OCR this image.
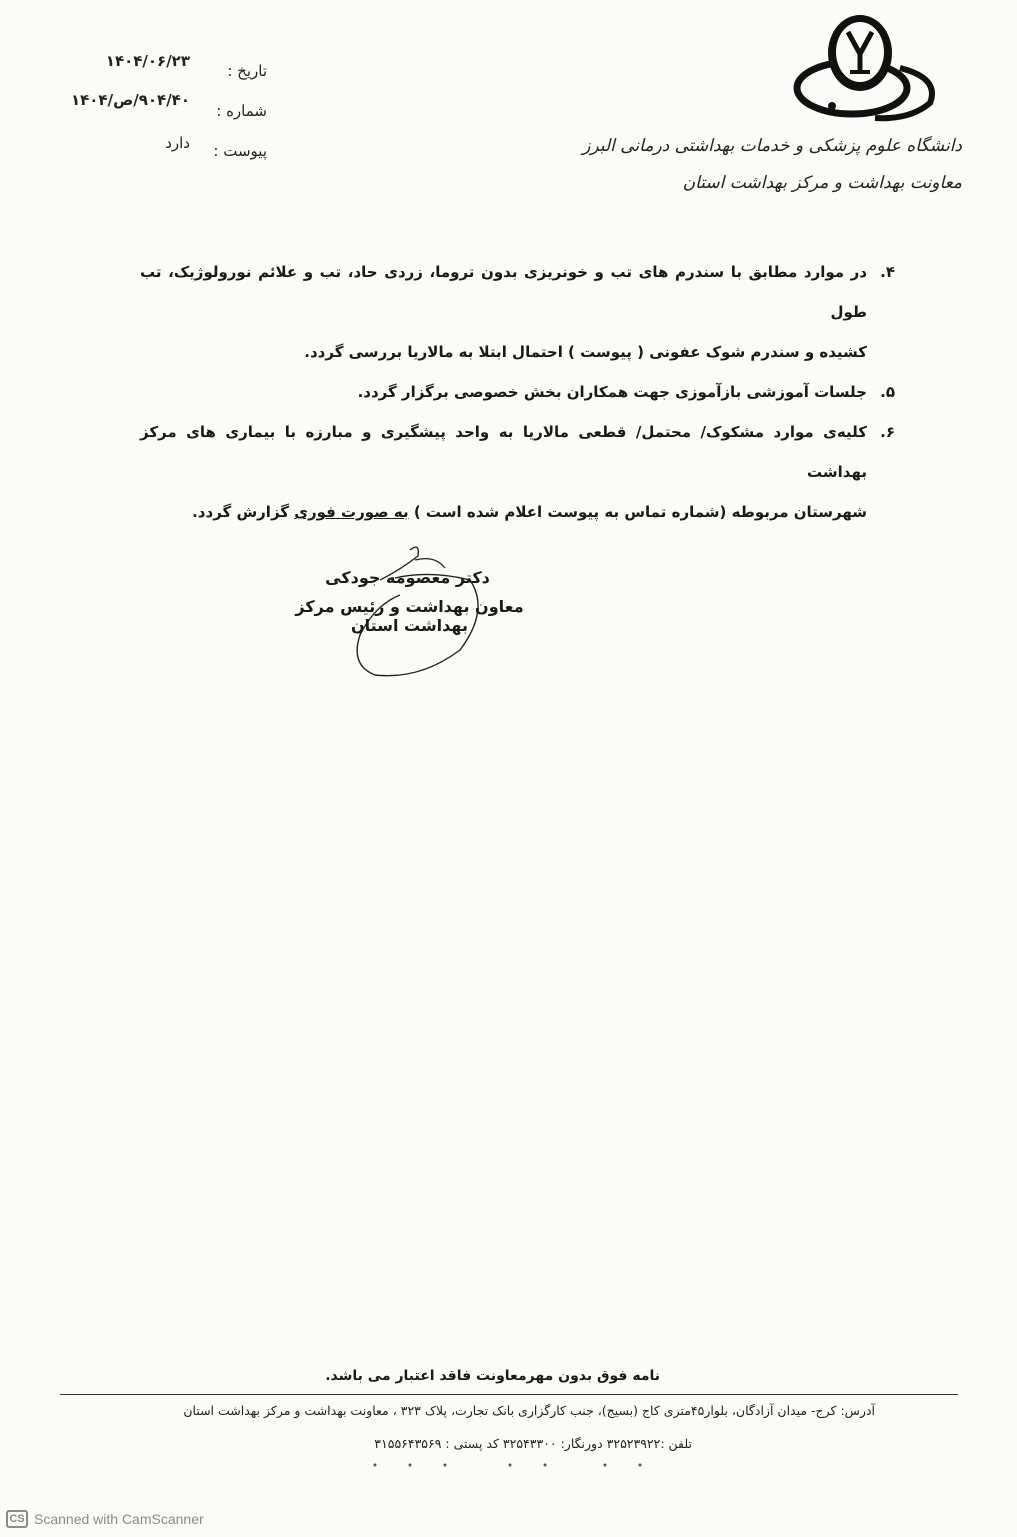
دانشگاه علوم پزشکی و خدمات بهداشتی درمانی البرز
معاونت بهداشت و مرکز بهداشت استان
تاریخ :
۱۴۰۴/۰۶/۲۳
شماره :
۹۰۴/۴۰/ص/۱۴۰۴
پیوست :
دارد
۴.
در موارد مطابق با سندرم های تب و خونریزی بدون تروما، زردی حاد، تب و علائم نورولوژیک، تب طول
کشیده و سندرم شوک عفونی ( پیوست ) احتمال ابتلا به مالاریا بررسی گردد.
۵.
جلسات آموزشی بازآموزی جهت همکاران بخش خصوصی برگزار گردد.
۶.
کلیه‌ی موارد مشکوک/ محتمل/ قطعی مالاریا به واحد پیشگیری و مبارزه با بیماری های مرکز بهداشت
شهرستان مربوطه (شماره تماس به پیوست اعلام شده است ) به صورت فوری گزارش گردد.
دکتر معصومه جودکی
معاون بهداشت و رئیس مرکز بهداشت استان
نامه فوق بدون مهرمعاونت فاقد اعتبار می باشد.
آدرس: کرج- میدان آزادگان، بلوار۴۵متری کاج (بسیج)، جنب کارگزاری بانک تجارت، پلاک ۳۲۳ ، معاونت بهداشت و مرکز بهداشت استان
تلفن :۳۲۵۲۳۹۲۲ دورنگار: ۳۲۵۴۳۳۰۰ کد پستی : ۳۱۵۵۶۴۳۵۶۹
CS Scanned with CamScanner
